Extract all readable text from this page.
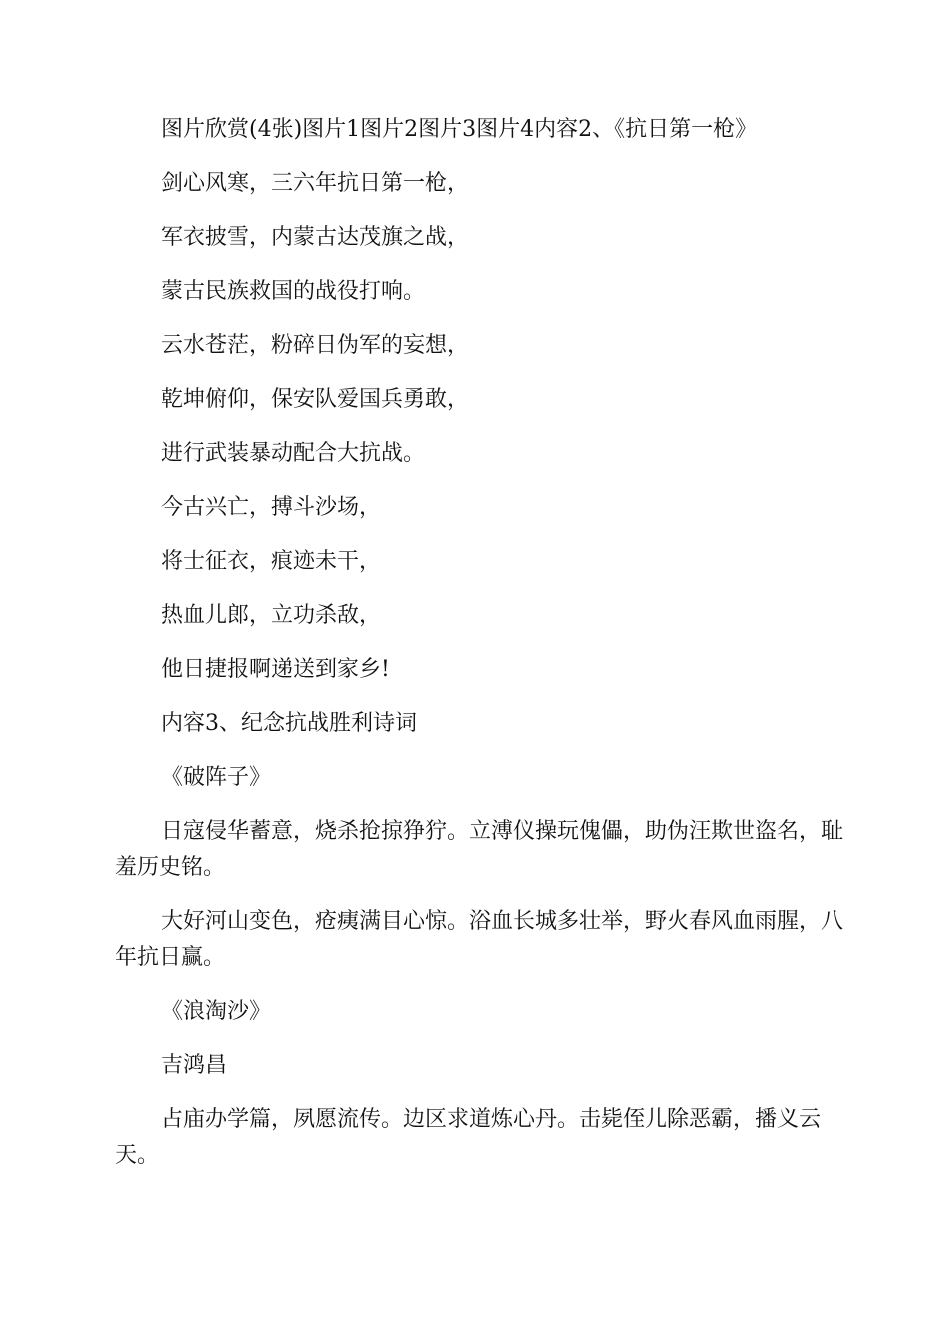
图片欣赏(4张)图片1图片2图片3图片4内容2、《抗日第一枪》
剑心风寒，三六年抗日第一枪，
军衣披雪，内蒙古达茂旗之战，
蒙古民族救国的战役打响。
云水苍茫，粉碎日伪军的妄想，
乾坤俯仰，保安队爱国兵勇敢，
进行武装暴动配合大抗战。
今古兴亡，搏斗沙场，
将士征衣，痕迹未干，
热血儿郎，立功杀敌，
他日捷报啊递送到家乡!
内容3、纪念抗战胜利诗词
《破阵子》
日寇侵华蓄意，烧杀抢掠狰狞。立溥仪操玩傀儡，助伪汪欺世盗名，耻羞历史铭。
大好河山变色，疮痍满目心惊。浴血长城多壮举，野火春风血雨腥，八年抗日赢。
《浪淘沙》
吉鸿昌
占庙办学篇，夙愿流传。边区求道炼心丹。击毙侄儿除恶霸，播义云天。
